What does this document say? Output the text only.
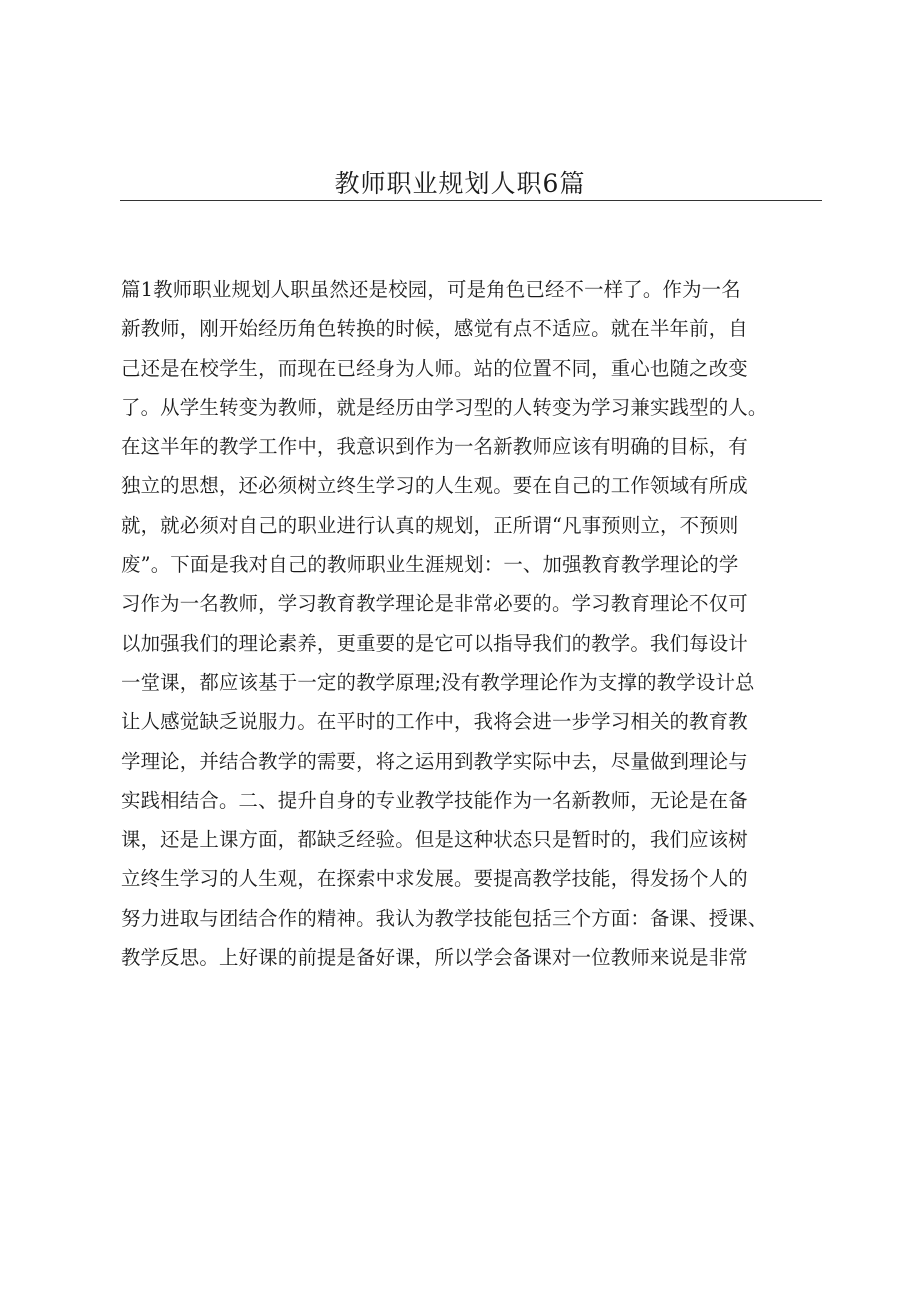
教师职业规划人职6篇
篇1教师职业规划人职虽然还是校园，可是角色已经不一样了。作为一名
新教师，刚开始经历角色转换的时候，感觉有点不适应。就在半年前，自
己还是在校学生，而现在已经身为人师。站的位置不同，重心也随之改变
了。从学生转变为教师，就是经历由学习型的人转变为学习兼实践型的人。
在这半年的教学工作中，我意识到作为一名新教师应该有明确的目标，有
独立的思想，还必须树立终生学习的人生观。要在自己的工作领域有所成
就，就必须对自己的职业进行认真的规划，正所谓“凡事预则立，不预则
废”。下面是我对自己的教师职业生涯规划：一、加强教育教学理论的学
习作为一名教师，学习教育教学理论是非常必要的。学习教育理论不仅可
以加强我们的理论素养，更重要的是它可以指导我们的教学。我们每设计
一堂课，都应该基于一定的教学原理;没有教学理论作为支撑的教学设计总
让人感觉缺乏说服力。在平时的工作中，我将会进一步学习相关的教育教
学理论，并结合教学的需要，将之运用到教学实际中去，尽量做到理论与
实践相结合。二、提升自身的专业教学技能作为一名新教师，无论是在备
课，还是上课方面，都缺乏经验。但是这种状态只是暂时的，我们应该树
立终生学习的人生观，在探索中求发展。要提高教学技能，得发扬个人的
努力进取与团结合作的精神。我认为教学技能包括三个方面：备课、授课、
教学反思。上好课的前提是备好课，所以学会备课对一位教师来说是非常
